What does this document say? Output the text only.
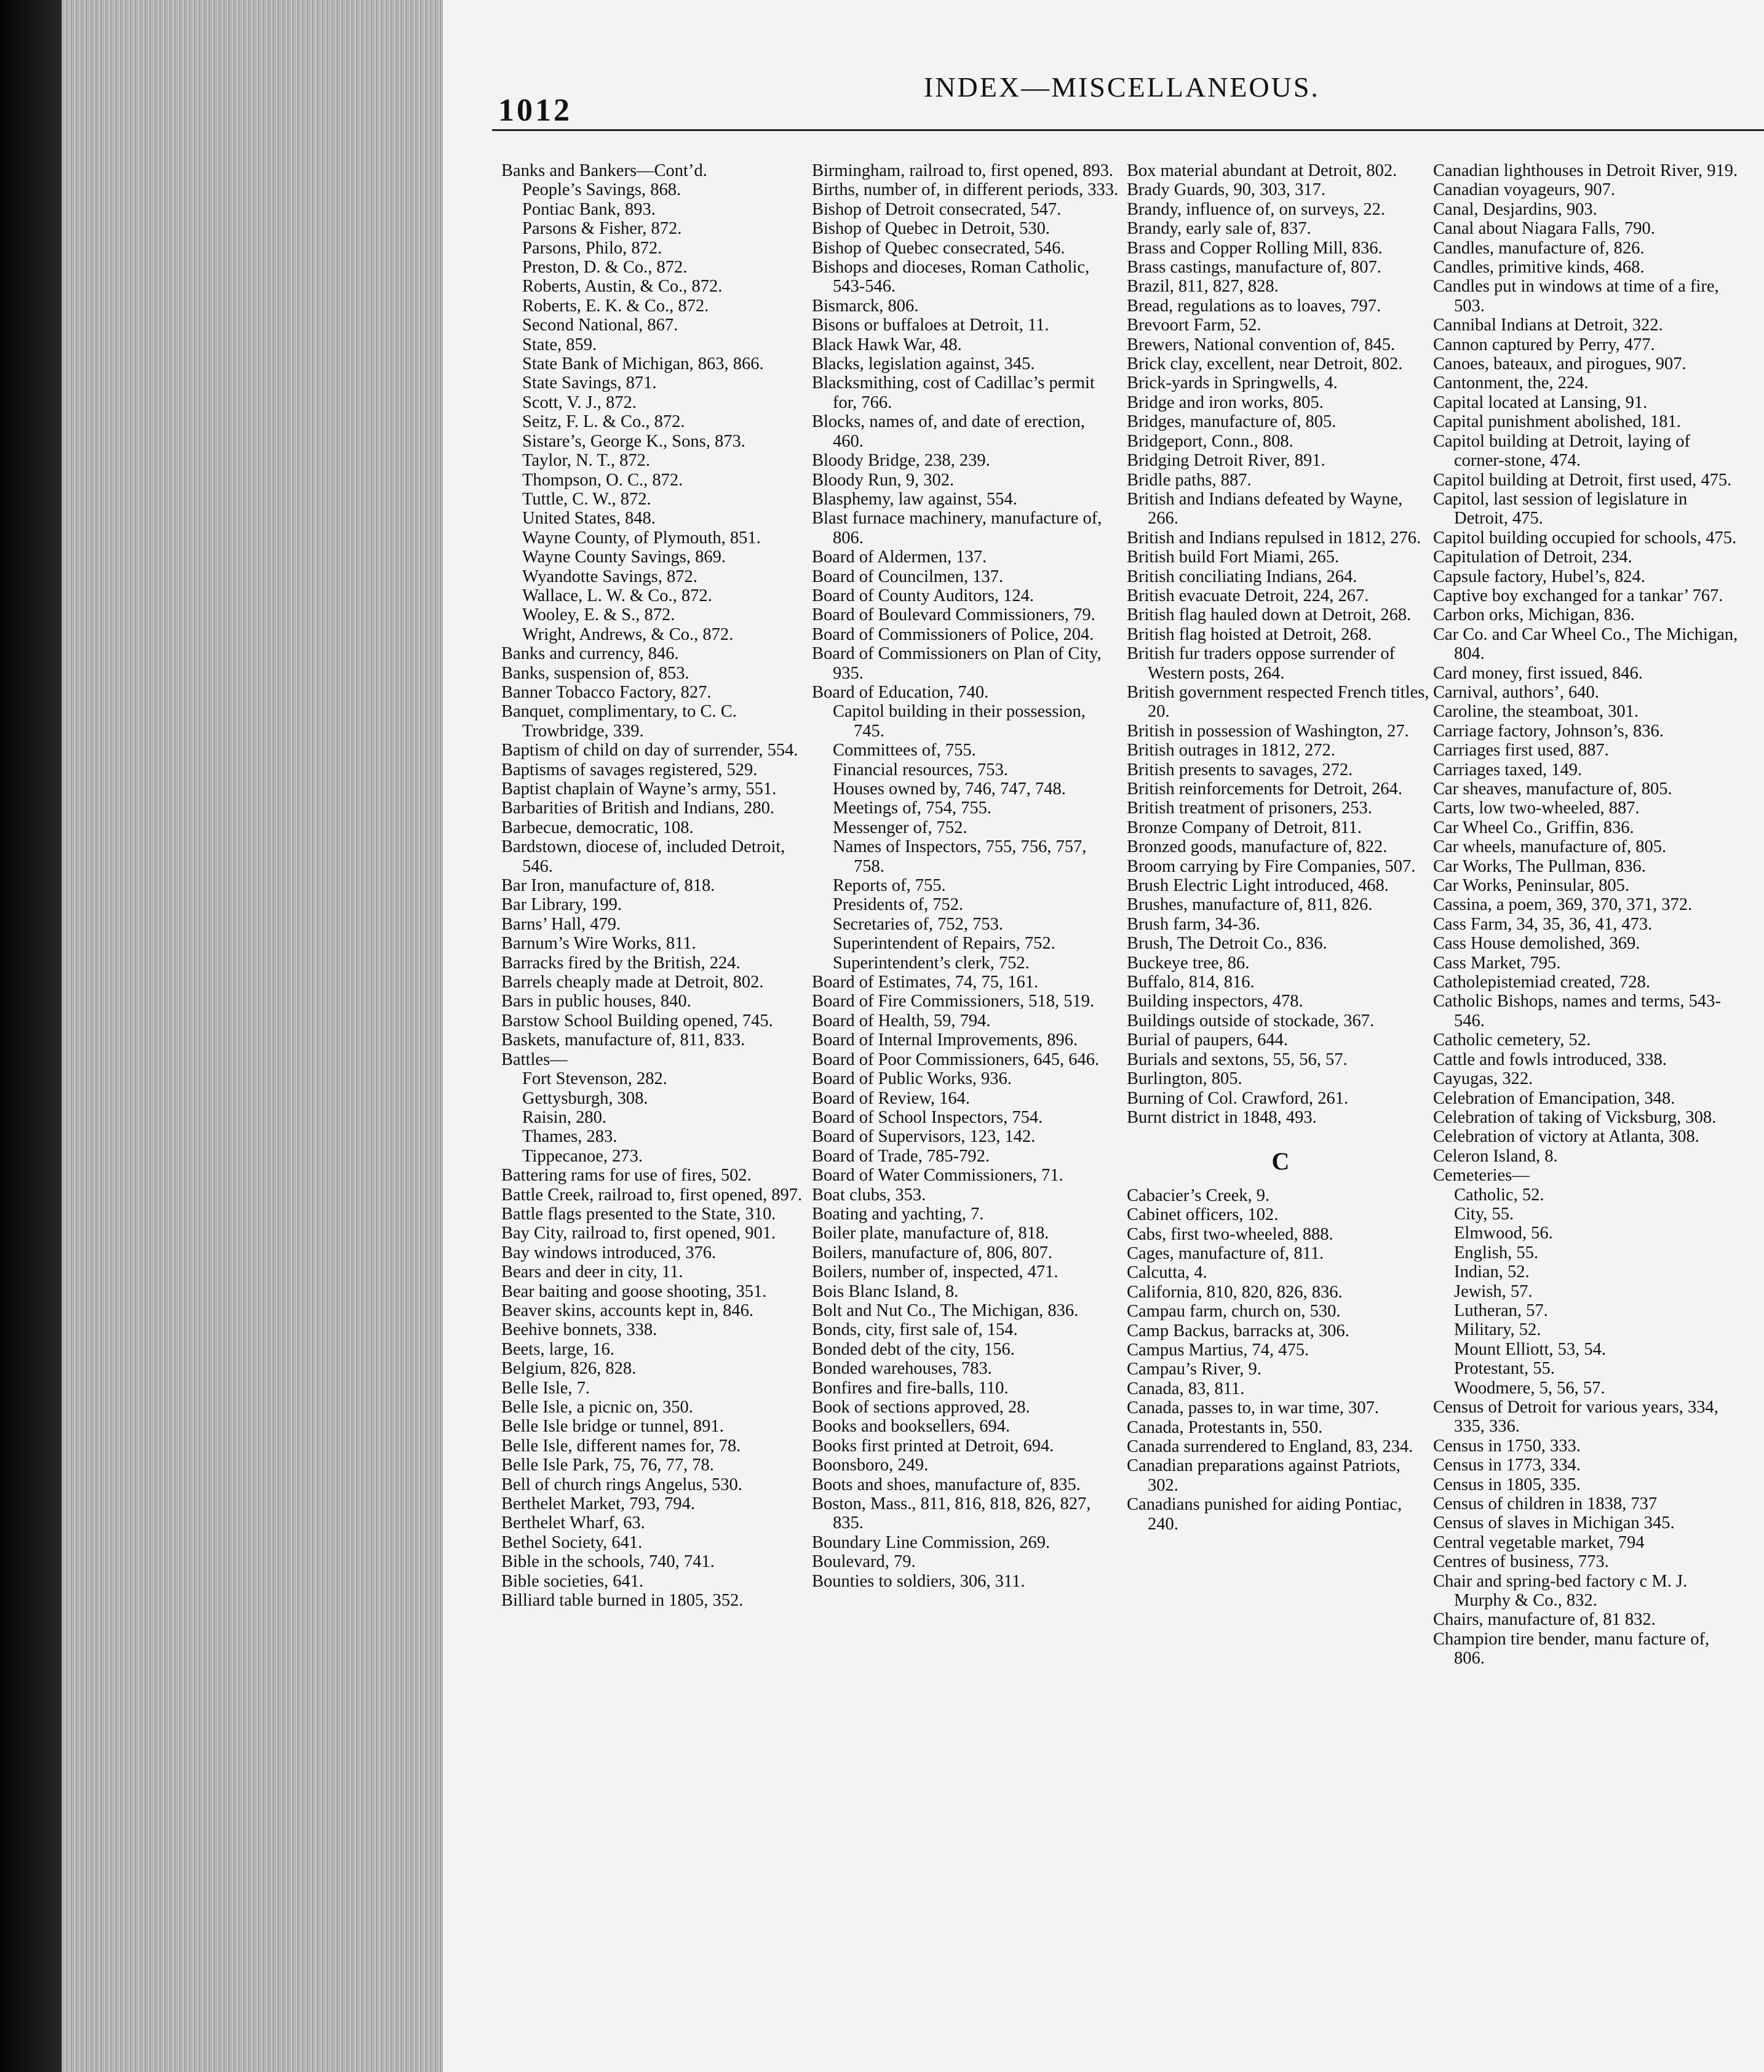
1012
INDEX—MISCELLANEOUS.
Banks and Bankers—Cont’d.
People’s Savings, 868.
Pontiac Bank, 893.
Parsons & Fisher, 872.
Parsons, Philo, 872.
Preston, D. & Co., 872.
Roberts, Austin, & Co., 872.
Roberts, E. K. & Co., 872.
Second National, 867.
State, 859.
State Bank of Michigan, 863, 866.
State Savings, 871.
Scott, V. J., 872.
Seitz, F. L. & Co., 872.
Sistare’s, George K., Sons, 873.
Taylor, N. T., 872.
Thompson, O. C., 872.
Tuttle, C. W., 872.
United States, 848.
Wayne County, of Plymouth, 851.
Wayne County Savings, 869.
Wyandotte Savings, 872.
Wallace, L. W. & Co., 872.
Wooley, E. & S., 872.
Wright, Andrews, & Co., 872.
Banks and currency, 846.
Banks, suspension of, 853.
Banner Tobacco Factory, 827.
Banquet, complimentary, to C. C. Trowbridge, 339.
Baptism of child on day of surrender, 554.
Baptisms of savages registered, 529.
Baptist chaplain of Wayne’s army, 551.
Barbarities of British and Indians, 280.
Barbecue, democratic, 108.
Bardstown, diocese of, included Detroit, 546.
Bar Iron, manufacture of, 818.
Bar Library, 199.
Barns’ Hall, 479.
Barnum’s Wire Works, 811.
Barracks fired by the British, 224.
Barrels cheaply made at Detroit, 802.
Bars in public houses, 840.
Barstow School Building opened, 745.
Baskets, manufacture of, 811, 833.
Battles—
Fort Stevenson, 282.
Gettysburgh, 308.
Raisin, 280.
Thames, 283.
Tippecanoe, 273.
Battering rams for use of fires, 502.
Battle Creek, railroad to, first opened, 897.
Battle flags presented to the State, 310.
Bay City, railroad to, first opened, 901.
Bay windows introduced, 376.
Bears and deer in city, 11.
Bear baiting and goose shooting, 351.
Beaver skins, accounts kept in, 846.
Beehive bonnets, 338.
Beets, large, 16.
Belgium, 826, 828.
Belle Isle, 7.
Belle Isle, a picnic on, 350.
Belle Isle bridge or tunnel, 891.
Belle Isle, different names for, 78.
Belle Isle Park, 75, 76, 77, 78.
Bell of church rings Angelus, 530.
Berthelet Market, 793, 794.
Berthelet Wharf, 63.
Bethel Society, 641.
Bible in the schools, 740, 741.
Bible societies, 641.
Billiard table burned in 1805, 352.
Birmingham, railroad to, first opened, 893.
Births, number of, in different periods, 333.
Bishop of Detroit consecrated, 547.
Bishop of Quebec in Detroit, 530.
Bishop of Quebec consecrated, 546.
Bishops and dioceses, Roman Catholic, 543-546.
Bismarck, 806.
Bisons or buffaloes at Detroit, 11.
Black Hawk War, 48.
Blacks, legislation against, 345.
Blacksmithing, cost of Cadillac’s permit for, 766.
Blocks, names of, and date of erection, 460.
Bloody Bridge, 238, 239.
Bloody Run, 9, 302.
Blasphemy, law against, 554.
Blast furnace machinery, manufacture of, 806.
Board of Aldermen, 137.
Board of Councilmen, 137.
Board of County Auditors, 124.
Board of Boulevard Commissioners, 79.
Board of Commissioners of Police, 204.
Board of Commissioners on Plan of City, 935.
Board of Education, 740.
Capitol building in their possession, 745.
Committees of, 755.
Financial resources, 753.
Houses owned by, 746, 747, 748.
Meetings of, 754, 755.
Messenger of, 752.
Names of Inspectors, 755, 756, 757, 758.
Reports of, 755.
Presidents of, 752.
Secretaries of, 752, 753.
Superintendent of Repairs, 752.
Superintendent’s clerk, 752.
Board of Estimates, 74, 75, 161.
Board of Fire Commissioners, 518, 519.
Board of Health, 59, 794.
Board of Internal Improvements, 896.
Board of Poor Commissioners, 645, 646.
Board of Public Works, 936.
Board of Review, 164.
Board of School Inspectors, 754.
Board of Supervisors, 123, 142.
Board of Trade, 785-792.
Board of Water Commissioners, 71.
Boat clubs, 353.
Boating and yachting, 7.
Boiler plate, manufacture of, 818.
Boilers, manufacture of, 806, 807.
Boilers, number of, inspected, 471.
Bois Blanc Island, 8.
Bolt and Nut Co., The Michigan, 836.
Bonds, city, first sale of, 154.
Bonded debt of the city, 156.
Bonded warehouses, 783.
Bonfires and fire-balls, 110.
Book of sections approved, 28.
Books and booksellers, 694.
Books first printed at Detroit, 694.
Boonsboro, 249.
Boots and shoes, manufacture of, 835.
Boston, Mass., 811, 816, 818, 826, 827, 835.
Boundary Line Commission, 269.
Boulevard, 79.
Bounties to soldiers, 306, 311.
Box material abundant at Detroit, 802.
Brady Guards, 90, 303, 317.
Brandy, influence of, on surveys, 22.
Brandy, early sale of, 837.
Brass and Copper Rolling Mill, 836.
Brass castings, manufacture of, 807.
Brazil, 811, 827, 828.
Bread, regulations as to loaves, 797.
Brevoort Farm, 52.
Brewers, National convention of, 845.
Brick clay, excellent, near Detroit, 802.
Brick-yards in Springwells, 4.
Bridge and iron works, 805.
Bridges, manufacture of, 805.
Bridgeport, Conn., 808.
Bridging Detroit River, 891.
Bridle paths, 887.
British and Indians defeated by Wayne, 266.
British and Indians repulsed in 1812, 276.
British build Fort Miami, 265.
British conciliating Indians, 264.
British evacuate Detroit, 224, 267.
British flag hauled down at Detroit, 268.
British flag hoisted at Detroit, 268.
British fur traders oppose surrender of Western posts, 264.
British government respected French titles, 20.
British in possession of Washington, 27.
British outrages in 1812, 272.
British presents to savages, 272.
British reinforcements for Detroit, 264.
British treatment of prisoners, 253.
Bronze Company of Detroit, 811.
Bronzed goods, manufacture of, 822.
Broom carrying by Fire Companies, 507.
Brush Electric Light introduced, 468.
Brushes, manufacture of, 811, 826.
Brush farm, 34-36.
Brush, The Detroit Co., 836.
Buckeye tree, 86.
Buffalo, 814, 816.
Building inspectors, 478.
Buildings outside of stockade, 367.
Burial of paupers, 644.
Burials and sextons, 55, 56, 57.
Burlington, 805.
Burning of Col. Crawford, 261.
Burnt district in 1848, 493.
C
Cabacier’s Creek, 9.
Cabinet officers, 102.
Cabs, first two-wheeled, 888.
Cages, manufacture of, 811.
Calcutta, 4.
California, 810, 820, 826, 836.
Campau farm, church on, 530.
Camp Backus, barracks at, 306.
Campus Martius, 74, 475.
Campau’s River, 9.
Canada, 83, 811.
Canada, passes to, in war time, 307.
Canada, Protestants in, 550.
Canada surrendered to England, 83, 234.
Canadian preparations against Patriots, 302.
Canadians punished for aiding Pontiac, 240.
Canadian lighthouses in Detroit River, 919.
Canadian voyageurs, 907.
Canal, Desjardins, 903.
Canal about Niagara Falls, 790.
Candles, manufacture of, 826.
Candles, primitive kinds, 468.
Candles put in windows at time of a fire, 503.
Cannibal Indians at Detroit, 322.
Cannon captured by Perry, 477.
Canoes, bateaux, and pirogues, 907.
Cantonment, the, 224.
Capital located at Lansing, 91.
Capital punishment abolished, 181.
Capitol building at Detroit, laying of corner-stone, 474.
Capitol building at Detroit, first used, 475.
Capitol, last session of legislature in Detroit, 475.
Capitol building occupied for schools, 475.
Capitulation of Detroit, 234.
Capsule factory, Hubel’s, 824.
Captive boy exchanged for a tankar’ 767.
Carbon orks, Michigan, 836.
Car Co. and Car Wheel Co., The Michigan, 804.
Card money, first issued, 846.
Carnival, authors’, 640.
Caroline, the steamboat, 301.
Carriage factory, Johnson’s, 836.
Carriages first used, 887.
Carriages taxed, 149.
Car sheaves, manufacture of, 805.
Carts, low two-wheeled, 887.
Car Wheel Co., Griffin, 836.
Car wheels, manufacture of, 805.
Car Works, The Pullman, 836.
Car Works, Peninsular, 805.
Cassina, a poem, 369, 370, 371, 372.
Cass Farm, 34, 35, 36, 41, 473.
Cass House demolished, 369.
Cass Market, 795.
Catholepistemiad created, 728.
Catholic Bishops, names and terms, 543-546.
Catholic cemetery, 52.
Cattle and fowls introduced, 338.
Cayugas, 322.
Celebration of Emancipation, 348.
Celebration of taking of Vicksburg, 308.
Celebration of victory at Atlanta, 308.
Celeron Island, 8.
Cemeteries—
Catholic, 52.
City, 55.
Elmwood, 56.
English, 55.
Indian, 52.
Jewish, 57.
Lutheran, 57.
Military, 52.
Mount Elliott, 53, 54.
Protestant, 55.
Woodmere, 5, 56, 57.
Census of Detroit for various years, 334, 335, 336.
Census in 1750, 333.
Census in 1773, 334.
Census in 1805, 335.
Census of children in 1838, 737
Census of slaves in Michigan 345.
Central vegetable market, 794
Centres of business, 773.
Chair and spring-bed factory c M. J. Murphy & Co., 832.
Chairs, manufacture of, 81 832.
Champion tire bender, manu facture of, 806.
